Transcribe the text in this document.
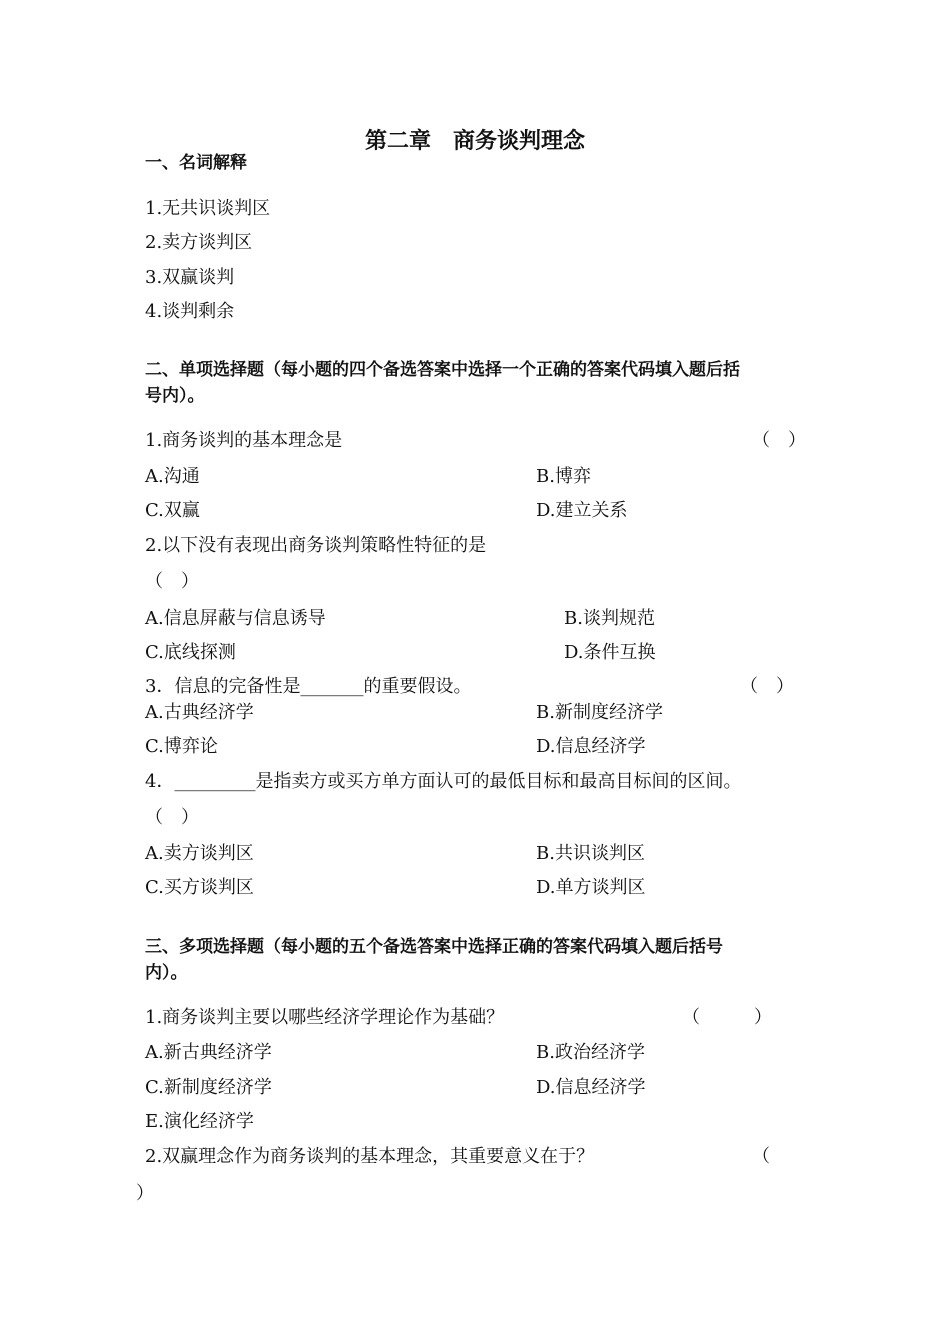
第二章　商务谈判理念
一、名词解释
1.无共识谈判区
2.卖方谈判区
3.双赢谈判
4.谈判剩余
二、单项选择题（每小题的四个备选答案中选择一个正确的答案代码填入题后括
号内）。
1.商务谈判的基本理念是	（　）
A.沟通	B.博弈
C.双赢	D.建立关系
2.以下没有表现出商务谈判策略性特征的是
（　）
A.信息屏蔽与信息诱导	B.谈判规范
C.底线探测	D.条件互换
3．信息的完备性是_______的重要假设。	（　）
A.古典经济学	B.新制度经济学
C.博弈论	D.信息经济学
4．_________是指卖方或买方单方面认可的最低目标和最高目标间的区间。
（　）
A.卖方谈判区	B.共识谈判区
C.买方谈判区	D.单方谈判区
三、多项选择题（每小题的五个备选答案中选择正确的答案代码填入题后括号
内）。
1.商务谈判主要以哪些经济学理论作为基础？	（　　　）
A.新古典经济学	B.政治经济学
C.新制度经济学	D.信息经济学
E.演化经济学
2.双赢理念作为商务谈判的基本理念，其重要意义在于？	（
）
